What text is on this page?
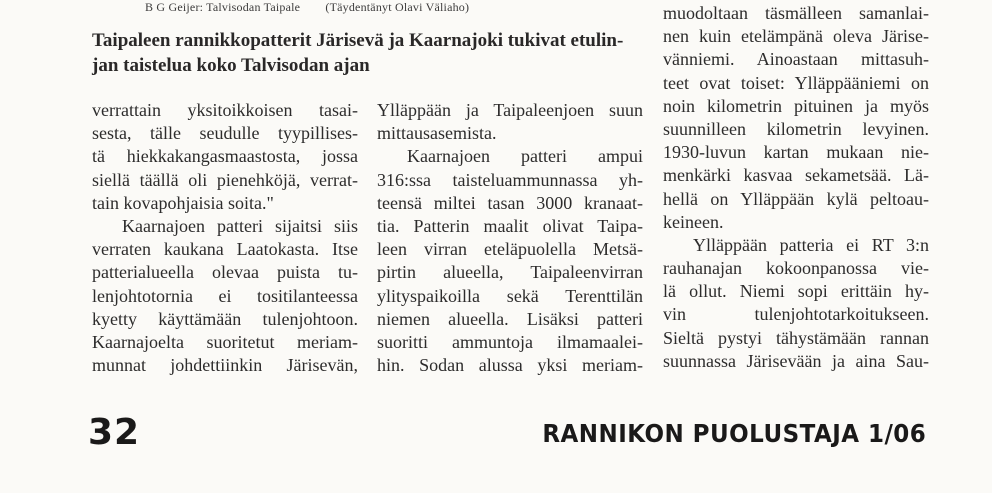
B G Geijer: Talvisodan Taipale (Täydentänyt Olavi Väliaho)
Taipaleen rannikkopatterit Järisevä ja Kaarnajoki tukivat etulin-
jan taistelua koko Talvisodan ajan
verrattain yksitoikkoisen tasai-
sesta, tälle seudulle tyypillises-
tä hiekkakangasmaastosta, jossa
siellä täällä oli pienehköjä, verrat-
tain kovapohjaisia soita."
Kaarnajoen patteri sijaitsi siis
verraten kaukana Laatokasta. Itse
patterialueella olevaa puista tu-
lenjohtotornia ei tositilanteessa
kyetty käyttämään tulenjohtoon.
Kaarnajoelta suoritetut meriam-
munnat johdettiinkin Järisevän,
Ylläppään ja Taipaleenjoen suun
mittausasemista.
Kaarnajoen patteri ampui
316:ssa taisteluammunnassa yh-
teensä miltei tasan 3000 kranaat-
tia. Patterin maalit olivat Taipa-
leen virran eteläpuolella Metsä-
pirtin alueella, Taipaleenvirran
ylityspaikoilla sekä Terenttilän
niemen alueella. Lisäksi patteri
suoritti ammuntoja ilmamaalei-
hin. Sodan alussa yksi meriam-
muodoltaan täsmälleen samanlai-
nen kuin etelämpänä oleva Järise-
vänniemi. Ainoastaan mittasuh-
teet ovat toiset: Ylläppääniemi on
noin kilometrin pituinen ja myös
suunnilleen kilometrin levyinen.
1930-luvun kartan mukaan nie-
menkärki kasvaa sekametsää. Lä-
hellä on Ylläppään kylä peltoau-
keineen.
Ylläppään patteria ei RT 3:n
rauhanajan kokoonpanossa vie-
lä ollut. Niemi sopi erittäin hy-
vin tulenjohtotarkoitukseen.
Sieltä pystyi tähystämään rannan
suunnassa Järisevään ja aina Sau-
32	RANNIKON PUOLUSTAJA 1/06
